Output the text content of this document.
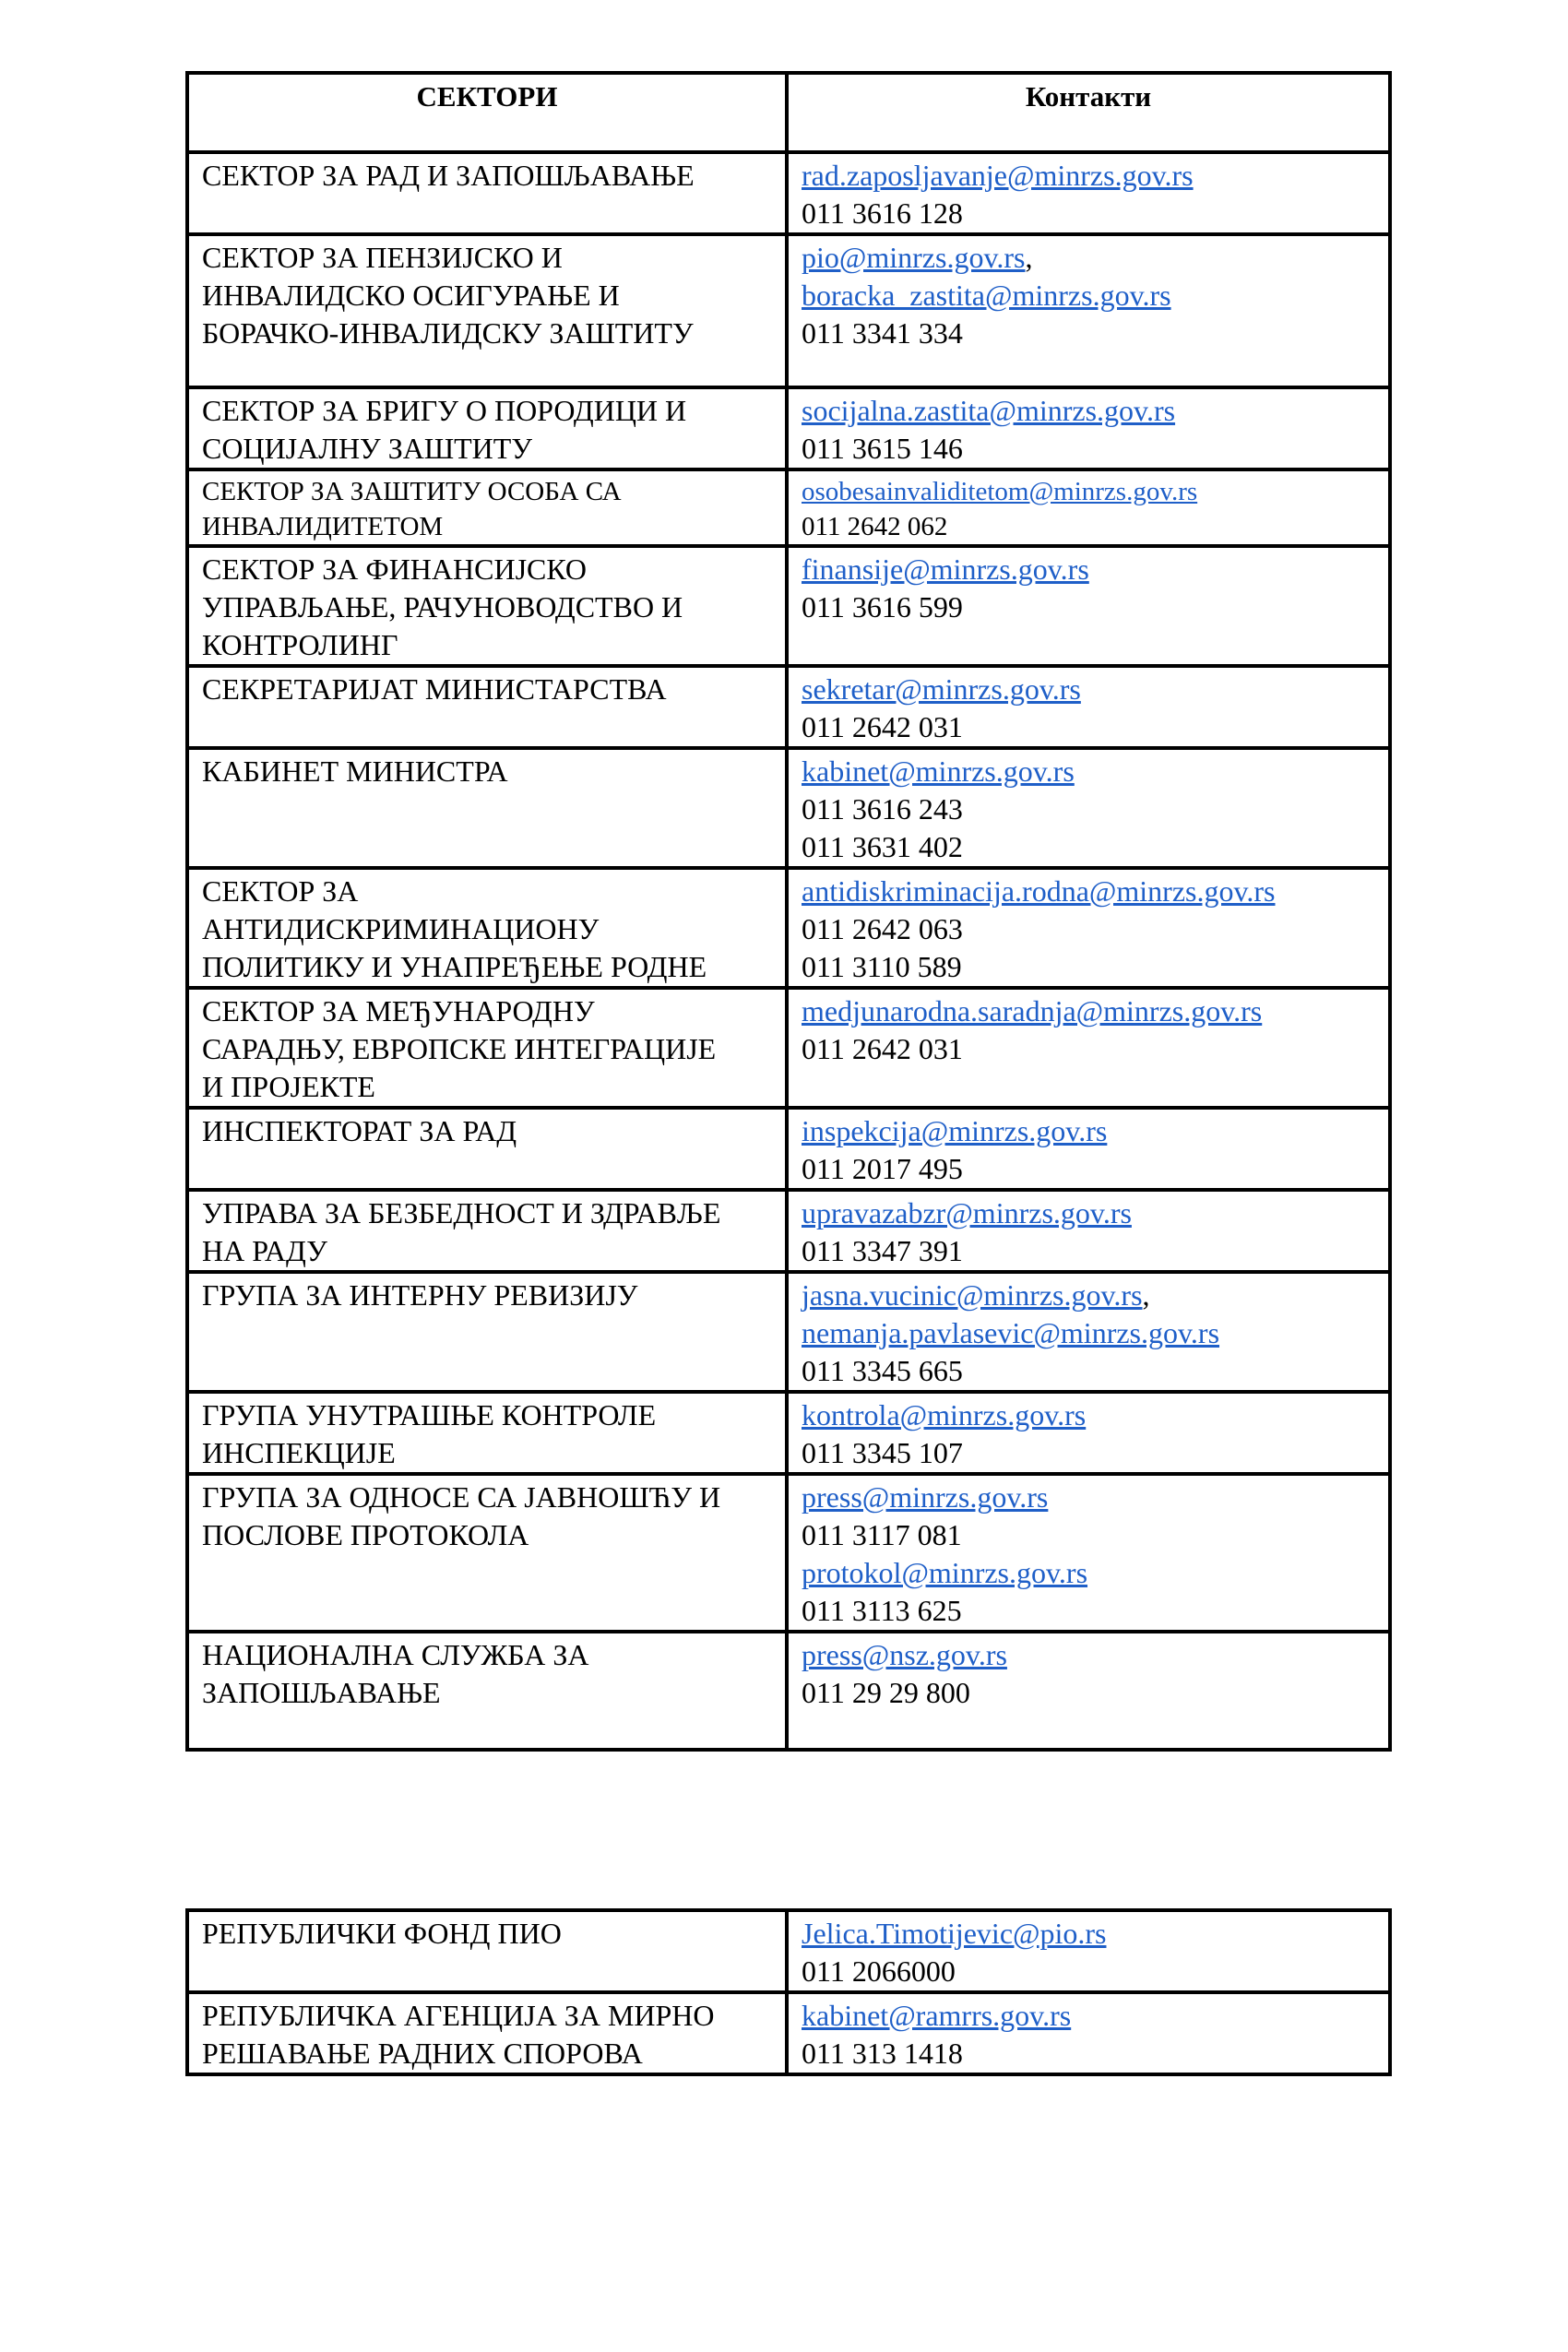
СЕКТОРИ	Контакти

СЕКТОР ЗА РАД И ЗАПОШЉАВАЊЕ	rad.zaposljavanje@minrzs.gov.rs
011 3616 128

СЕКТОР ЗА ПЕНЗИЈСКО И
ИНВАЛИДСКО ОСИГУРАЊЕ И
БОРАЧКО-ИНВАЛИДСКУ ЗАШТИТУ	pio@minrzs.gov.rs,
boracka_zastita@minrzs.gov.rs
011 3341 334

СЕКТОР ЗА БРИГУ О ПОРОДИЦИ И
СОЦИЈАЛНУ ЗАШТИТУ	socijalna.zastita@minrzs.gov.rs
011 3615 146

СЕКТОР ЗА ЗАШТИТУ ОСОБА СА
ИНВАЛИДИТЕТОМ	osobesainvaliditetom@minrzs.gov.rs
011 2642 062

СЕКТОР ЗА ФИНАНСИЈСКО
УПРАВЉАЊЕ, РАЧУНОВОДСТВО И
КОНТРОЛИНГ	finansije@minrzs.gov.rs
011 3616 599

СЕКРЕТАРИЈАТ МИНИСТАРСТВА	sekretar@minrzs.gov.rs
011 2642 031

КАБИНЕТ МИНИСТРА	kabinet@minrzs.gov.rs
011 3616 243
011 3631 402

СЕКТОР ЗА
АНТИДИСКРИМИНАЦИОНУ
ПОЛИТИКУ И УНАПРЕЂЕЊЕ РОДНЕ	antidiskriminacija.rodna@minrzs.gov.rs
011 2642 063
011 3110 589

СЕКТОР ЗА МЕЂУНАРОДНУ
САРАДЊУ, ЕВРОПСКЕ ИНТЕГРАЦИЈЕ
И ПРОЈЕКТЕ	medjunarodna.saradnja@minrzs.gov.rs
011 2642 031

ИНСПЕКТОРАТ ЗА РАД	inspekcija@minrzs.gov.rs
011 2017 495

УПРАВА ЗА БЕЗБЕДНОСТ И ЗДРАВЉЕ
НА РАДУ	upravazabzr@minrzs.gov.rs
011 3347 391

ГРУПА ЗА ИНТЕРНУ РЕВИЗИЈУ	jasna.vucinic@minrzs.gov.rs,
nemanja.pavlasevic@minrzs.gov.rs
011 3345 665

ГРУПА УНУТРАШЊЕ КОНТРОЛЕ
ИНСПЕКЦИЈЕ	kontrola@minrzs.gov.rs
011 3345 107

ГРУПА ЗА ОДНОСЕ СА ЈАВНОШЋУ И
ПОСЛОВЕ ПРОТОКОЛА	press@minrzs.gov.rs
011 3117 081
protokol@minrzs.gov.rs
011 3113 625

НАЦИОНАЛНА СЛУЖБА ЗА
ЗАПОШЉАВАЊЕ	press@nsz.gov.rs
011 29 29 800
РЕПУБЛИЧКИ ФОНД ПИО	Jelica.Timotijevic@pio.rs
011 2066000

РЕПУБЛИЧКА АГЕНЦИЈА ЗА МИРНО
РЕШАВАЊЕ РАДНИХ СПОРОВА	kabinet@ramrrs.gov.rs
011 313 1418
